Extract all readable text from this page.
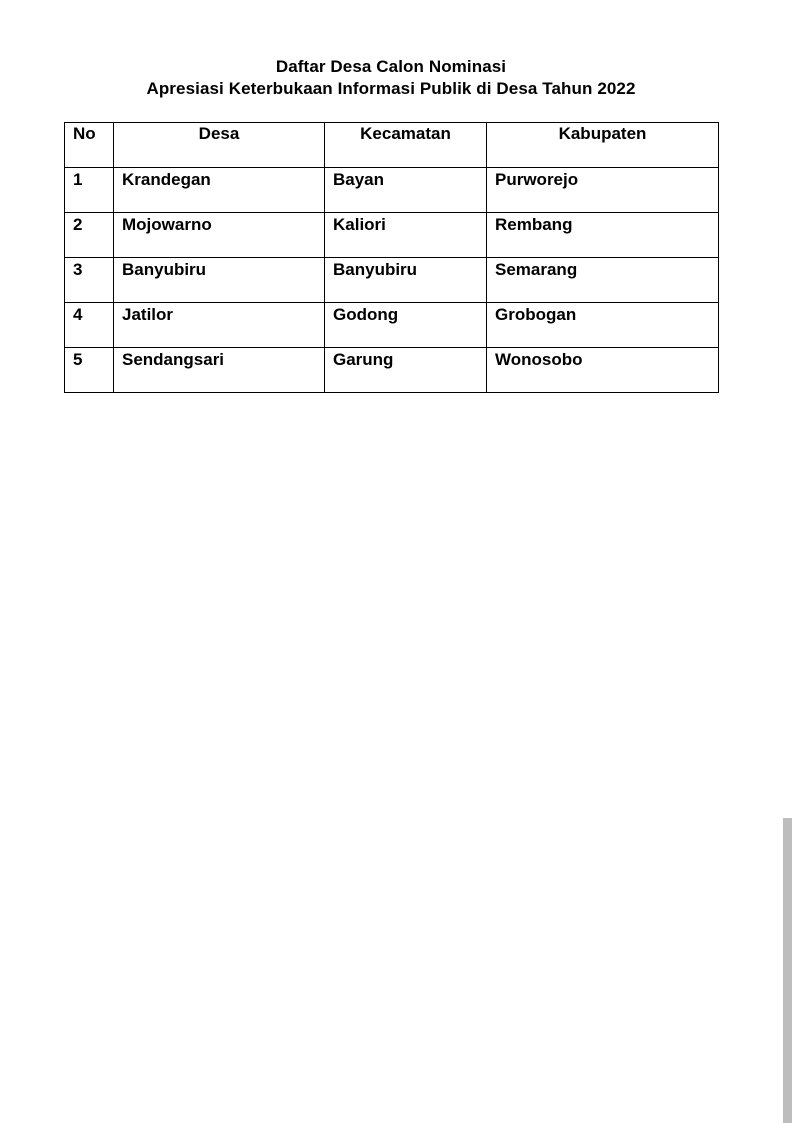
Daftar Desa Calon Nominasi
Apresiasi Keterbukaan Informasi Publik di Desa Tahun 2022
No	Desa	Kecamatan	Kabupaten
1	Krandegan	Bayan	Purworejo
2	Mojowarno	Kaliori	Rembang
3	Banyubiru	Banyubiru	Semarang
4	Jatilor	Godong	Grobogan
5	Sendangsari	Garung	Wonosobo
